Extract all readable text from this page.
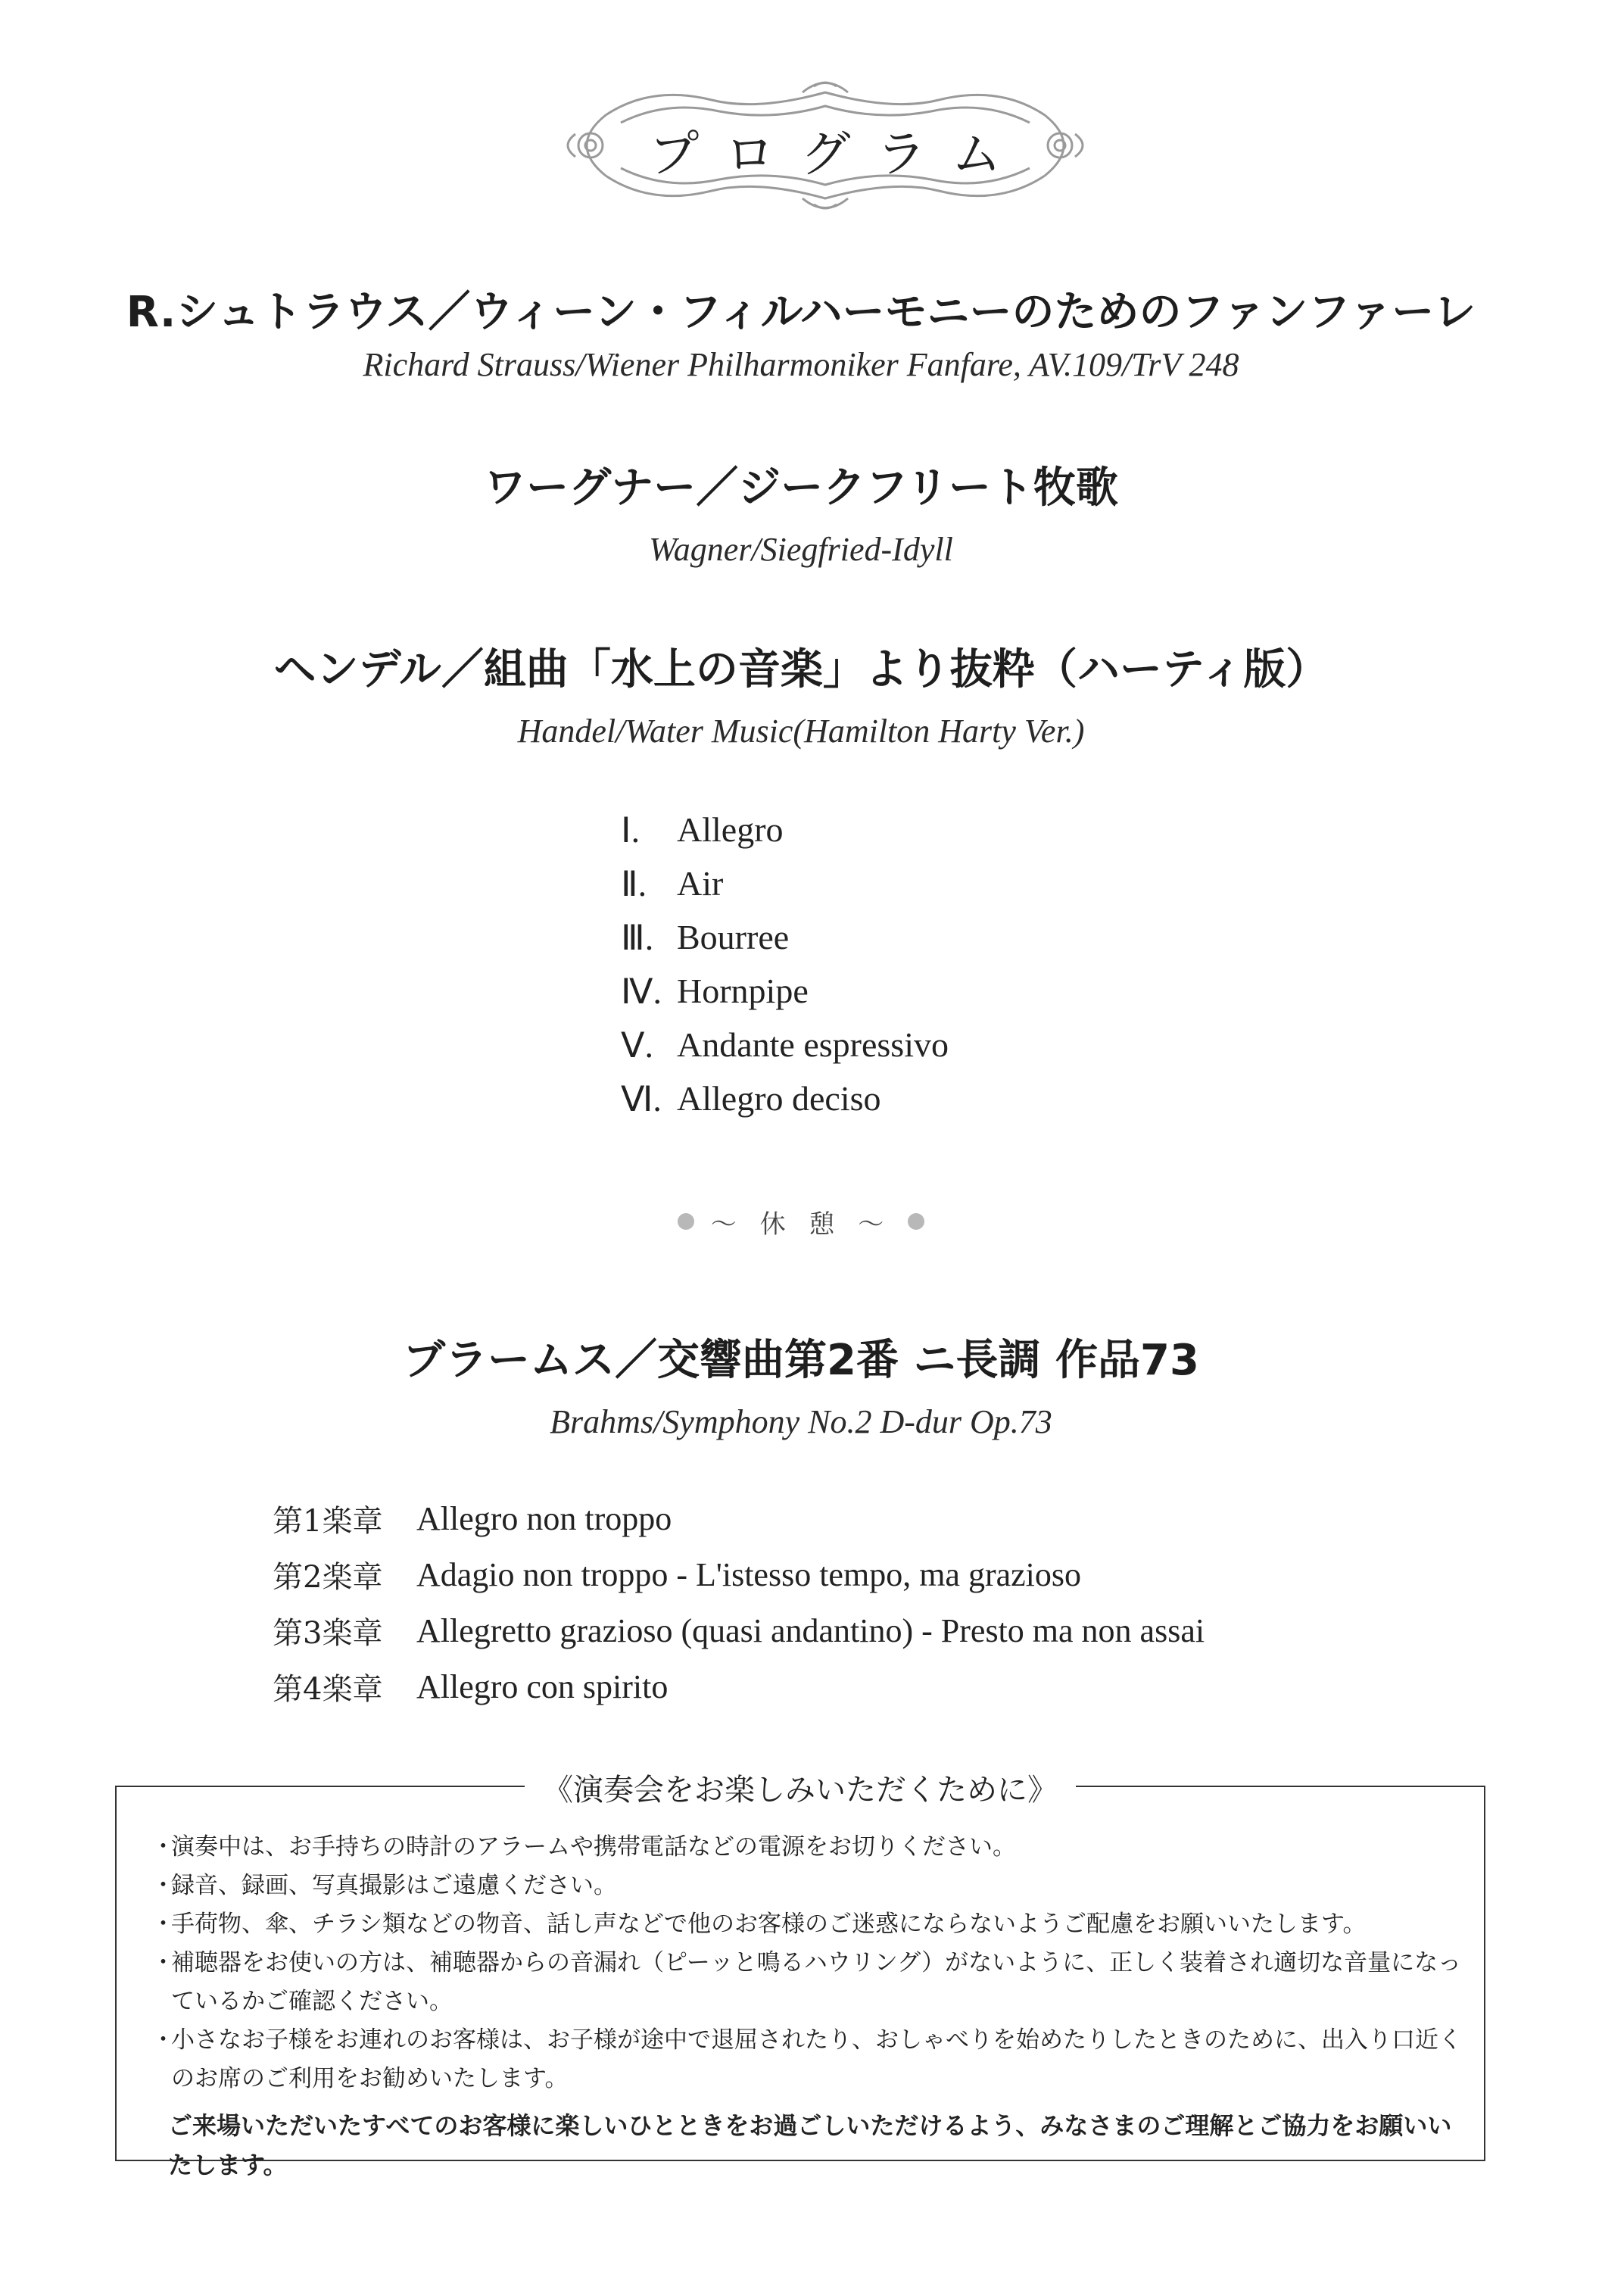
プログラム
R.シュトラウス／ウィーン・フィルハーモニーのためのファンファーレ
Richard Strauss/Wiener Philharmoniker Fanfare, AV.109/TrV 248
ワーグナー／ジークフリート牧歌
Wagner/Siegfried-Idyll
ヘンデル／組曲「水上の音楽」より抜粋（ハーティ版）
Handel/Water Music(Hamilton Harty Ver.)
Ⅰ.	Allegro
Ⅱ. Air
Ⅲ. Bourree
Ⅳ. Hornpipe
Ⅴ. Andante espressivo
Ⅵ. Allegro deciso
～ 休 憩 ～
ブラームス／交響曲第2番 ニ長調 作品73
Brahms/Symphony No.2 D-dur Op.73
第1楽章	Allegro non troppo
第2楽章	Adagio non troppo - L'istesso tempo, ma grazioso
第3楽章	Allegretto grazioso (quasi andantino) - Presto ma non assai
第4楽章	Allegro con spirito
《演奏会をお楽しみいただくために》
・
演奏中は、お手持ちの時計のアラームや携帯電話などの電源をお切りください。
・
録音、録画、写真撮影はご遠慮ください。
・
手荷物、傘、チラシ類などの物音、話し声などで他のお客様のご迷惑にならないようご配慮をお願いいたします。
・
補聴器をお使いの方は、補聴器からの音漏れ（ピーッと鳴るハウリング）がないように、正しく装着され適切な音量になっているかご確認ください。
・
小さなお子様をお連れのお客様は、お子様が途中で退屈されたり、おしゃべりを始めたりしたときのために、出入り口近くのお席のご利用をお勧めいたします。
ご来場いただいたすべてのお客様に楽しいひとときをお過ごしいただけるよう、みなさまのご理解とご協力をお願いいたします。
